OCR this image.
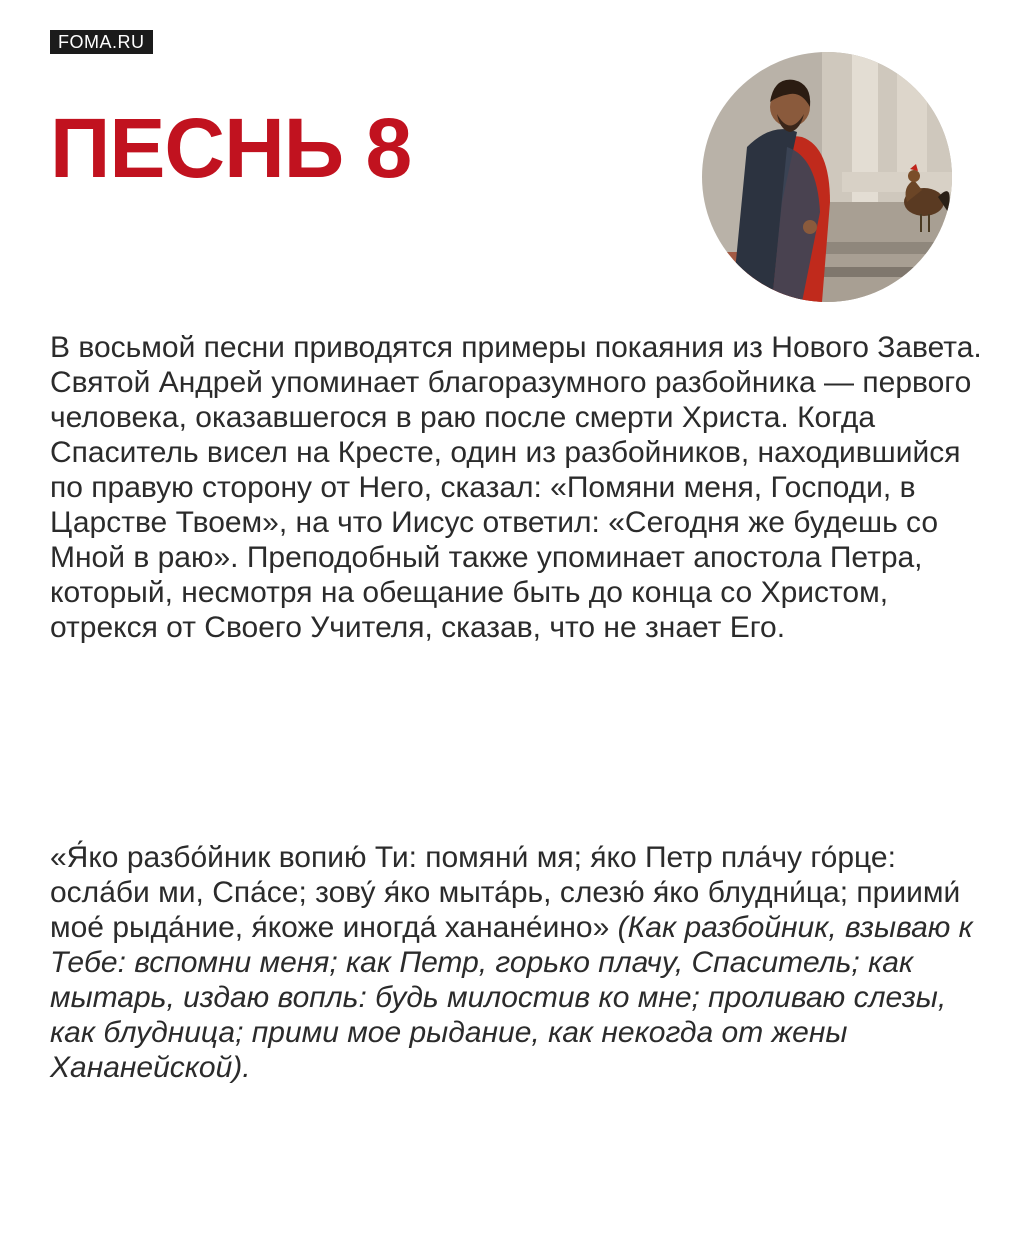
FOMA.RU
ПЕСНЬ 8

В восьмой песни приводятся примеры покаяния из Нового Завета. Святой Андрей упоминает благоразумного разбойника — первого человека, оказавшегося в раю после смерти Христа. Когда Спаситель висел на Кресте, один из разбойников, находившийся по правую сторону от Него, сказал: «Помяни меня, Господи, в Царстве Твоем», на что Иисус ответил: «Сегодня же будешь со Мной в раю». Преподобный также упоминает апостола Петра, который, несмотря на обещание быть до конца со Христом, отрекся от Своего Учителя, сказав, что не знает Его.

«Я́ко разбо́йник вопию́ Ти: помяни́ мя; я́ко Петр пла́чу го́рце: осла́би ми, Спа́се; зову́ я́ко мыта́рь, слезю́ я́ко блудни́ца; приими́ мое́ рыда́ние, я́коже иногда́ ханане́ино» (Как разбойник, взываю к Тебе: вспомни меня; как Петр, горько плачу, Спаситель; как мытарь, издаю вопль: будь милостив ко мне; проливаю слезы, как блудница; прими мое рыдание, как некогда от жены Хананейской).
